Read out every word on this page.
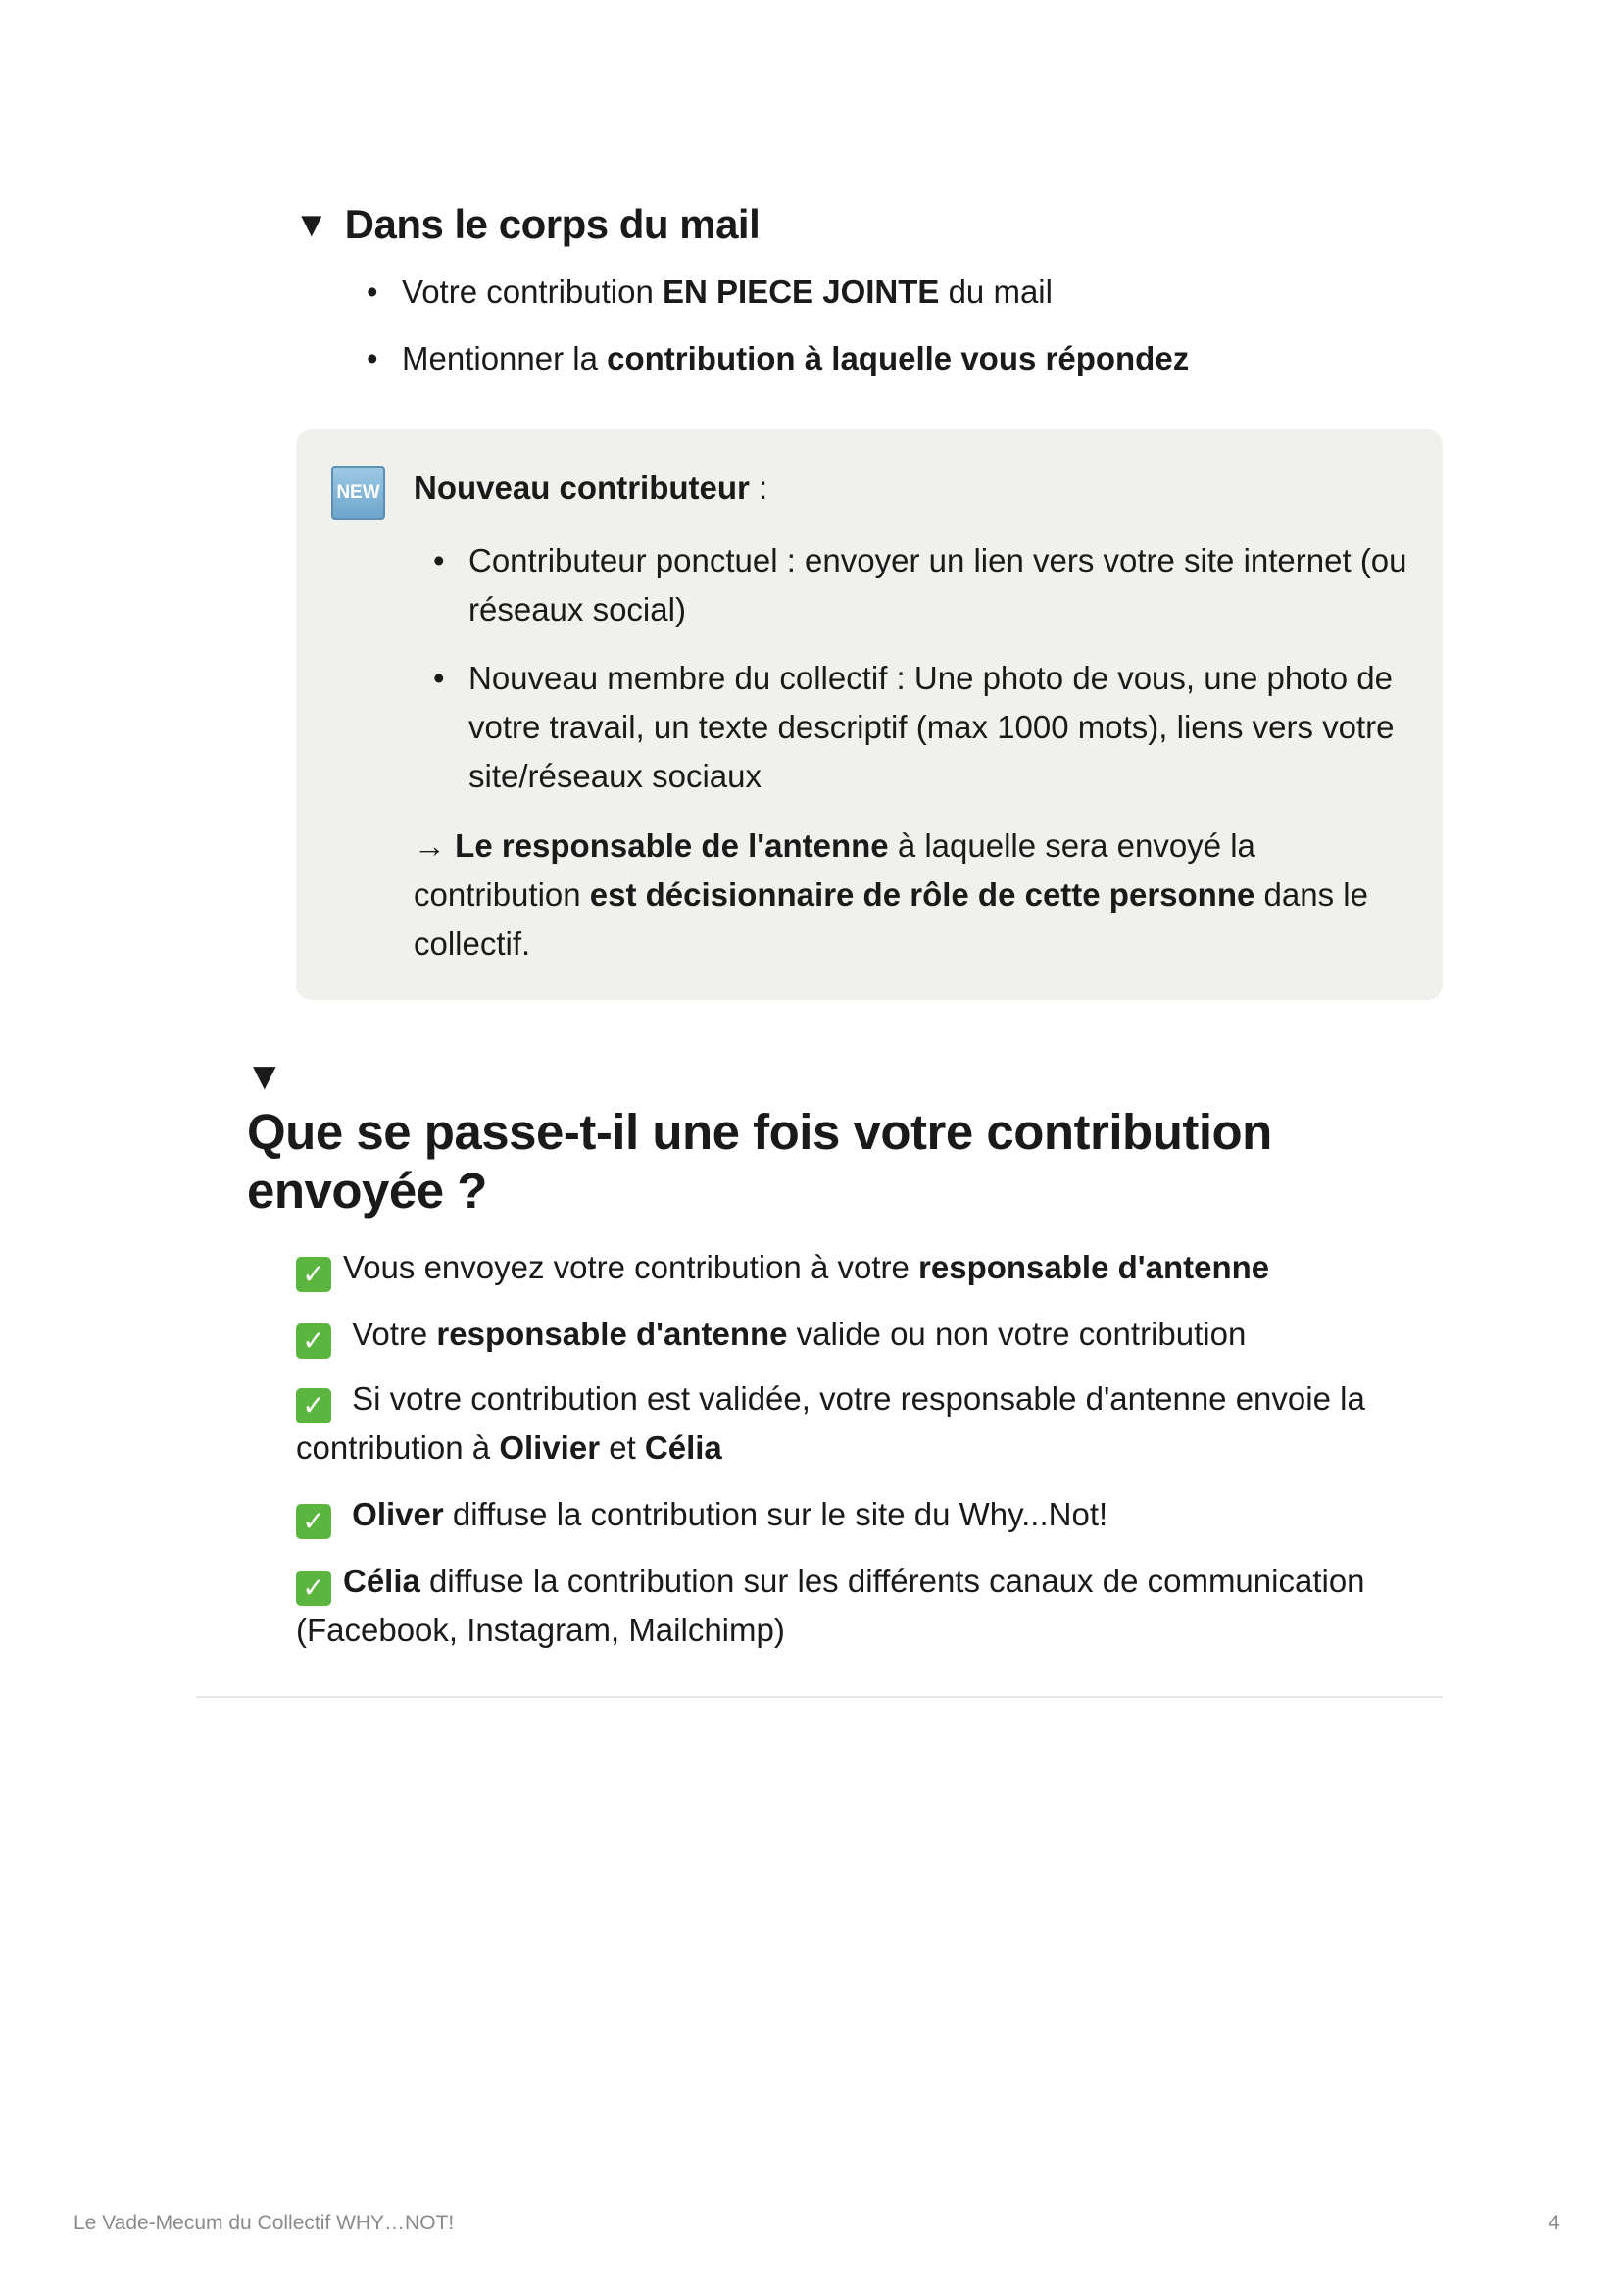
▼ Dans le corps du mail
• Votre contribution EN PIECE JOINTE du mail
• Mentionner la contribution à laquelle vous répondez
NEW Nouveau contributeur :
• Contributeur ponctuel : envoyer un lien vers votre site internet (ou réseaux social)
• Nouveau membre du collectif : Une photo de vous, une photo de votre travail, un texte descriptif (max 1000 mots), liens vers votre site/réseaux sociaux
→ Le responsable de l'antenne à laquelle sera envoyé la contribution est décisionnaire de rôle de cette personne dans le collectif.
▼
Que se passe-t-il une fois votre contribution envoyée ?
✓ Vous envoyez votre contribution à votre responsable d'antenne
✓ Votre responsable d'antenne valide ou non votre contribution
✓ Si votre contribution est validée, votre responsable d'antenne envoie la contribution à Olivier et Célia
✓ Oliver diffuse la contribution sur le site du Why...Not!
✓ Célia diffuse la contribution sur les différents canaux de communication (Facebook, Instagram, Mailchimp)
Le Vade-Mecum du Collectif WHY…NOT!	4
